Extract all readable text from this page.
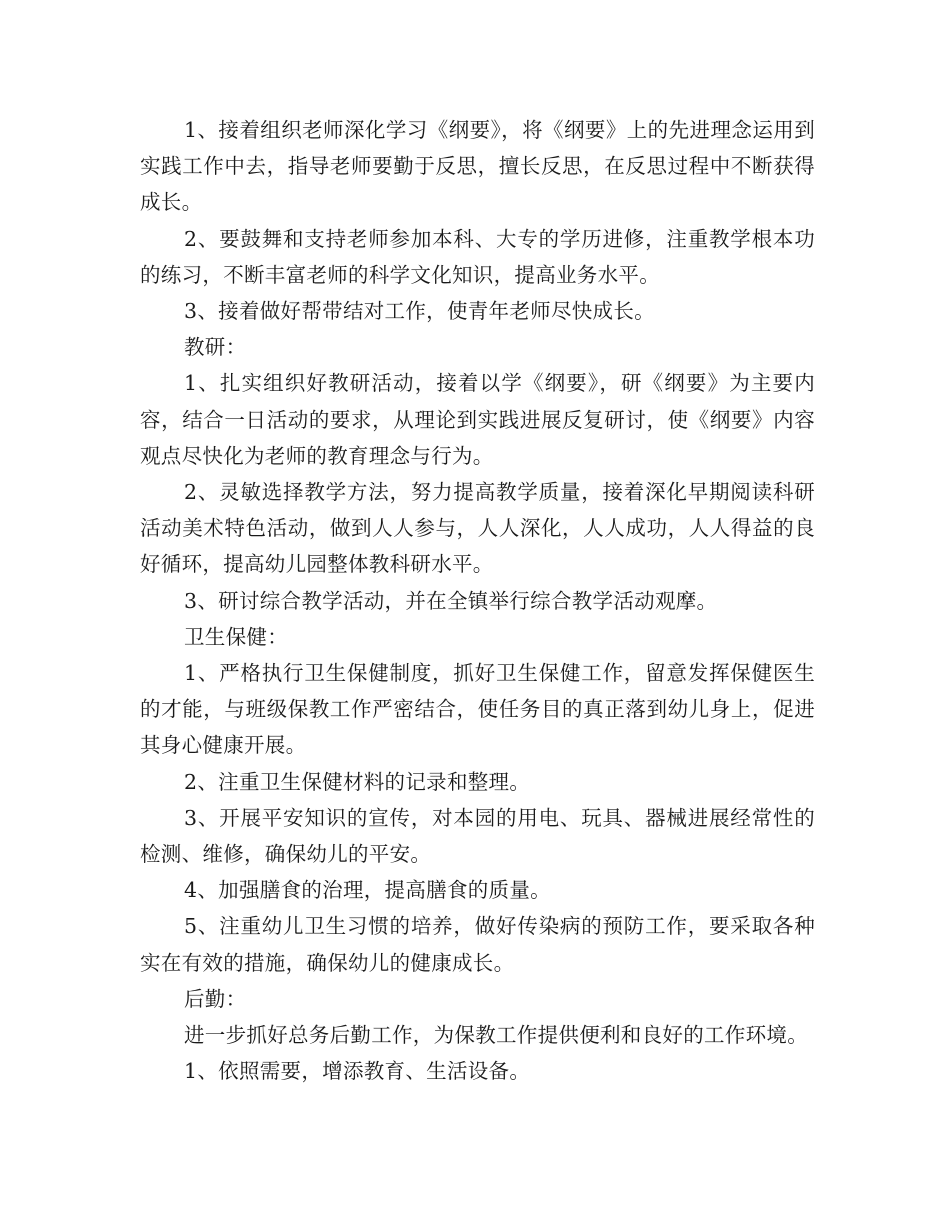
1、接着组织老师深化学习《纲要》，将《纲要》上的先进理念运用到实践工作中去，指导老师要勤于反思，擅长反思，在反思过程中不断获得成长。

2、要鼓舞和支持老师参加本科、大专的学历进修，注重教学根本功的练习，不断丰富老师的科学文化知识，提高业务水平。

3、接着做好帮带结对工作，使青年老师尽快成长。

教研：

1、扎实组织好教研活动，接着以学《纲要》，研《纲要》为主要内容，结合一日活动的要求，从理论到实践进展反复研讨，使《纲要》内容观点尽快化为老师的教育理念与行为。

2、灵敏选择教学方法，努力提高教学质量，接着深化早期阅读科研活动美术特色活动，做到人人参与，人人深化，人人成功，人人得益的良好循环，提高幼儿园整体教科研水平。

3、研讨综合教学活动，并在全镇举行综合教学活动观摩。

卫生保健：

1、严格执行卫生保健制度，抓好卫生保健工作，留意发挥保健医生的才能，与班级保教工作严密结合，使任务目的真正落到幼儿身上，促进其身心健康开展。

2、注重卫生保健材料的记录和整理。

3、开展平安知识的宣传，对本园的用电、玩具、器械进展经常性的检测、维修，确保幼儿的平安。

4、加强膳食的治理，提高膳食的质量。

5、注重幼儿卫生习惯的培养，做好传染病的预防工作，要采取各种实在有效的措施，确保幼儿的健康成长。

后勤：

进一步抓好总务后勤工作，为保教工作提供便利和良好的工作环境。

1、依照需要，增添教育、生活设备。
